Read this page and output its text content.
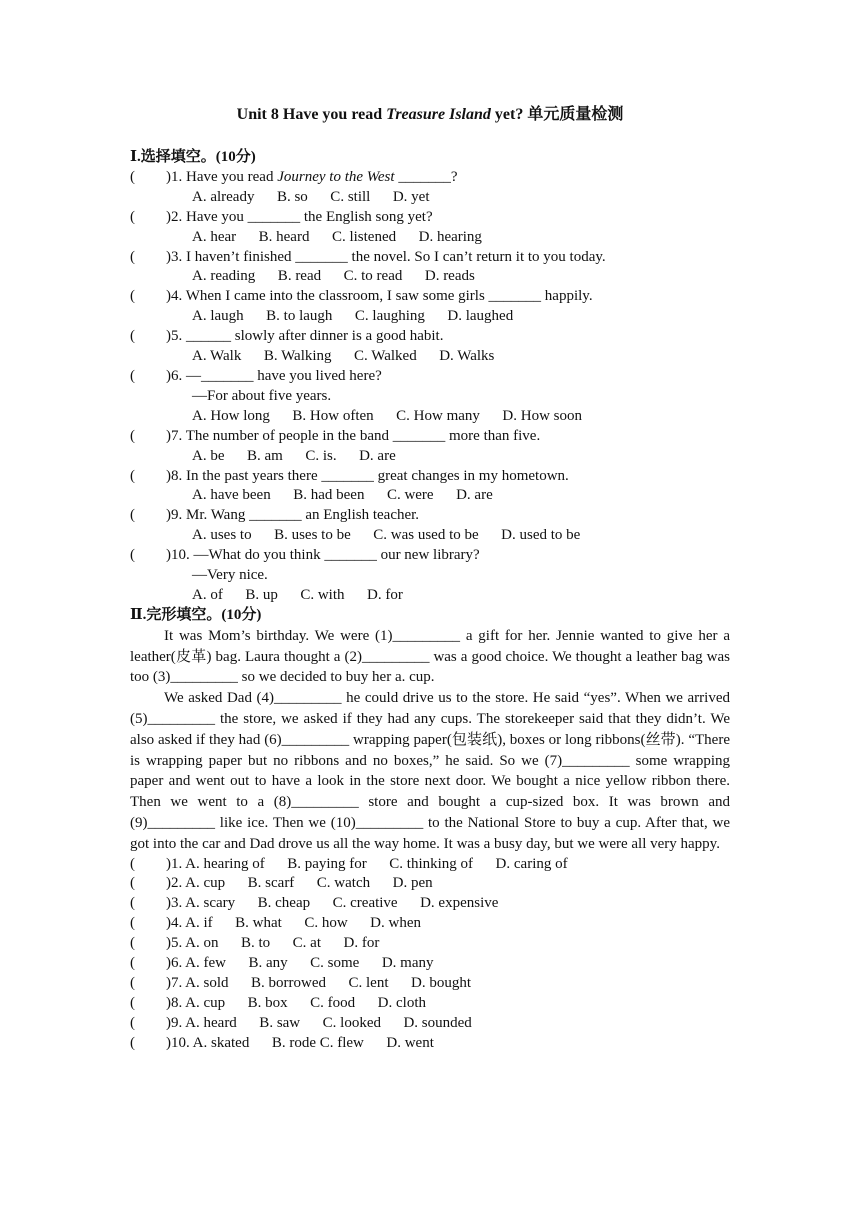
Unit 8 Have you read Treasure Island yet? 单元质量检测
Ⅰ.选择填空。(10分)
( )1. Have you read Journey to the West _______?
A. already      B. so      C. still      D. yet
( )2. Have you _______ the English song yet?
A. hear      B. heard      C. listened      D. hearing
( )3. I haven’t finished _______ the novel. So I can’t return it to you today.
A. reading      B. read      C. to read      D. reads
( )4. When I came into the classroom, I saw some girls _______ happily.
A. laugh      B. to laugh      C. laughing      D. laughed
( )5. ______ slowly after dinner is a good habit.
A. Walk      B. Walking      C. Walked      D. Walks
( )6. —_______ have you lived here?
—For about five years.
A. How long      B. How often      C. How many      D. How soon
( )7. The number of people in the band _______ more than five.
A. be      B. am      C. is.      D. are
( )8. In the past years there _______ great changes in my hometown.
A. have been      B. had been      C. were      D. are
( )9. Mr. Wang _______ an English teacher.
A. uses to      B. uses to be      C. was used to be      D. used to be
( )10. —What do you think _______ our new library?
—Very nice.
A. of      B. up      C. with      D. for
Ⅱ.完形填空。(10分)

It was Mom’s birthday. We were (1)_________ a gift for her. Jennie wanted to give her a leather(皮革) bag. Laura thought a (2)_________ was a good choice. We thought a leather bag was too (3)_________ so we decided to buy her a. cup.

We asked Dad (4)_________ he could drive us to the store. He said “yes”. When we arrived (5)_________ the store, we asked if they had any cups. The storekeeper said that they didn’t. We also asked if they had (6)_________ wrapping paper(包装纸), boxes or long ribbons(丝带). “There is wrapping paper but no ribbons and no boxes,” he said. So we (7)_________ some wrapping paper and went out to have a look in the store next door. We bought a nice yellow ribbon there. Then we went to a (8)_________ store and bought a cup-sized box. It was brown and (9)_________ like ice. Then we (10)_________ to the National Store to buy a cup. After that, we got into the car and Dad drove us all the way home. It was a busy day, but we were all very happy.

( )1. A. hearing of      B. paying for      C. thinking of      D. caring of
( )2. A. cup      B. scarf      C. watch      D. pen
( )3. A. scary      B. cheap      C. creative      D. expensive
( )4. A. if      B. what      C. how      D. when
( )5. A. on      B. to      C. at      D. for
( )6. A. few      B. any      C. some      D. many
( )7. A. sold      B. borrowed      C. lent      D. bought
( )8. A. cup      B. box      C. food      D. cloth
( )9. A. heard      B. saw      C. looked      D. sounded
( )10. A. skated      B. rode C. flew      D. went
